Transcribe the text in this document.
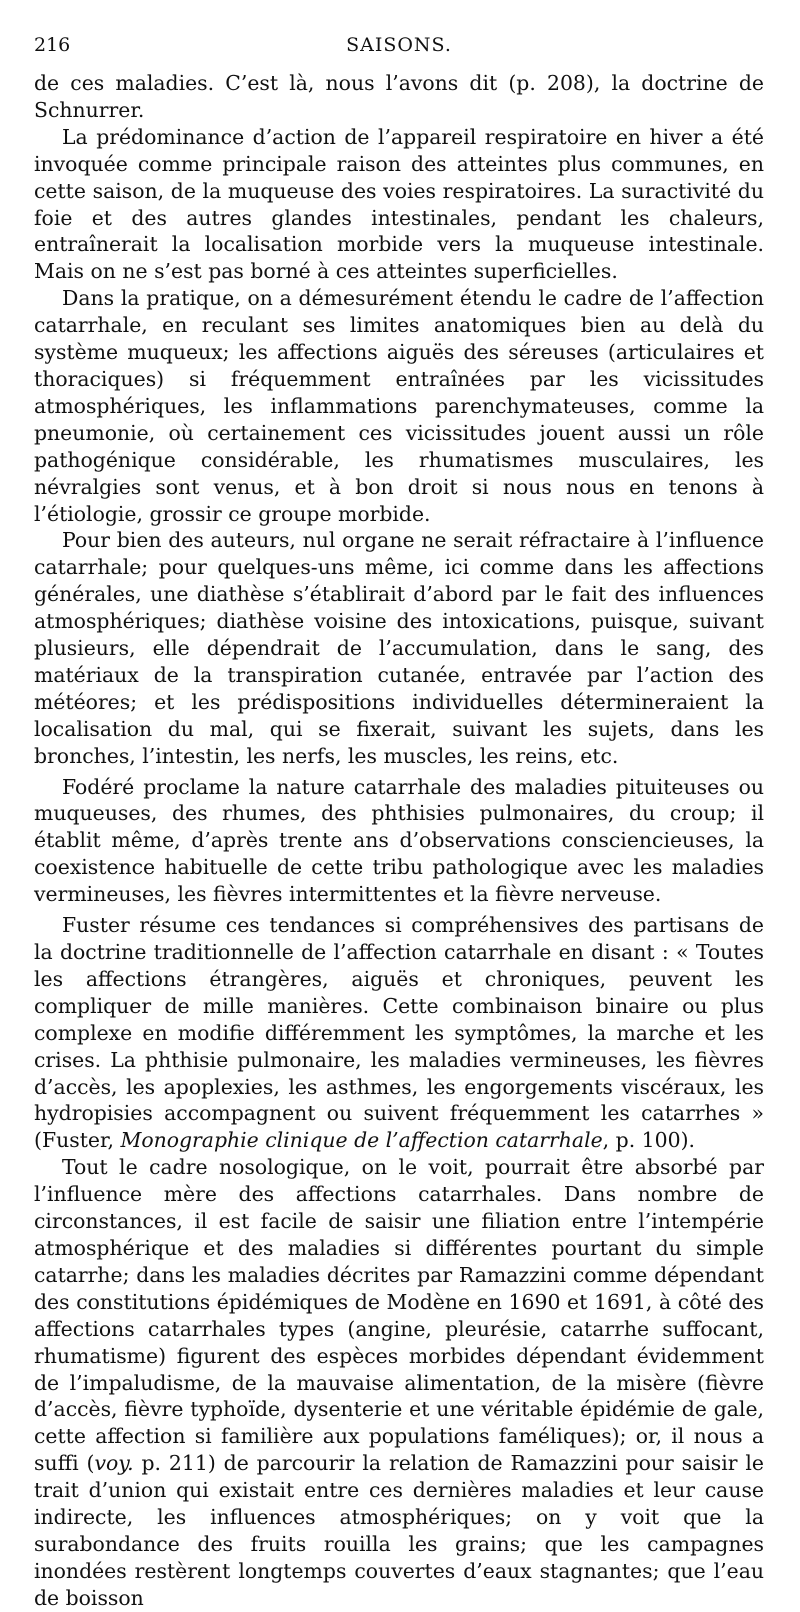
216	SAISONS.

de ces maladies. C’est là, nous l’avons dit (p. 208), la doctrine de Schnurrer.

La prédominance d’action de l’appareil respiratoire en hiver a été invoquée comme principale raison des atteintes plus communes, en cette saison, de la muqueuse des voies respiratoires. La suractivité du foie et des autres glandes intestinales, pendant les chaleurs, entraînerait la localisation morbide vers la muqueuse intestinale. Mais on ne s’est pas borné à ces atteintes superficielles.

Dans la pratique, on a démesurément étendu le cadre de l’affection catarrhale, en reculant ses limites anatomiques bien au delà du système muqueux; les affections aiguës des séreuses (articulaires et thoraciques) si fréquemment entraînées par les vicissitudes atmosphériques, les inflammations parenchymateuses, comme la pneumonie, où certainement ces vicissitudes jouent aussi un rôle pathogénique considérable, les rhumatismes musculaires, les névralgies sont venus, et à bon droit si nous nous en tenons à l’étiologie, grossir ce groupe morbide.

Pour bien des auteurs, nul organe ne serait réfractaire à l’influence catarrhale; pour quelques-uns même, ici comme dans les affections générales, une diathèse s’établirait d’abord par le fait des influences atmosphériques; diathèse voisine des intoxications, puisque, suivant plusieurs, elle dépendrait de l’accumulation, dans le sang, des matériaux de la transpiration cutanée, entravée par l’action des météores; et les prédispositions individuelles détermineraient la localisation du mal, qui se fixerait, suivant les sujets, dans les bronches, l’intestin, les nerfs, les muscles, les reins, etc.

Fodéré proclame la nature catarrhale des maladies pituiteuses ou muqueuses, des rhumes, des phthisies pulmonaires, du croup; il établit même, d’après trente ans d’observations consciencieuses, la coexistence habituelle de cette tribu pathologique avec les maladies vermineuses, les fièvres intermittentes et la fièvre nerveuse.

Fuster résume ces tendances si compréhensives des partisans de la doctrine traditionnelle de l’affection catarrhale en disant : « Toutes les affections étrangères, aiguës et chroniques, peuvent les compliquer de mille manières. Cette combinaison binaire ou plus complexe en modifie différemment les symptômes, la marche et les crises. La phthisie pulmonaire, les maladies vermineuses, les fièvres d’accès, les apoplexies, les asthmes, les engorgements viscéraux, les hydropisies accompagnent ou suivent fréquemment les catarrhes » (Fuster, Monographie clinique de l’affection catarrhale, p. 100).

Tout le cadre nosologique, on le voit, pourrait être absorbé par l’influence mère des affections catarrhales. Dans nombre de circonstances, il est facile de saisir une filiation entre l’intempérie atmosphérique et des maladies si différentes pourtant du simple catarrhe; dans les maladies décrites par Ramazzini comme dépendant des constitutions épidémiques de Modène en 1690 et 1691, à côté des affections catarrhales types (angine, pleurésie, catarrhe suffocant, rhumatisme) figurent des espèces morbides dépendant évidemment de l’impaludisme, de la mauvaise alimentation, de la misère (fièvre d’accès, fièvre typhoïde, dysenterie et une véritable épidémie de gale, cette affection si familière aux populations faméliques); or, il nous a suffi (voy. p. 211) de parcourir la relation de Ramazzini pour saisir le trait d’union qui existait entre ces dernières maladies et leur cause indirecte, les influences atmosphériques; on y voit que la surabondance des fruits rouilla les grains; que les campagnes inondées restèrent longtemps couvertes d’eaux stagnantes; que l’eau de boisson
